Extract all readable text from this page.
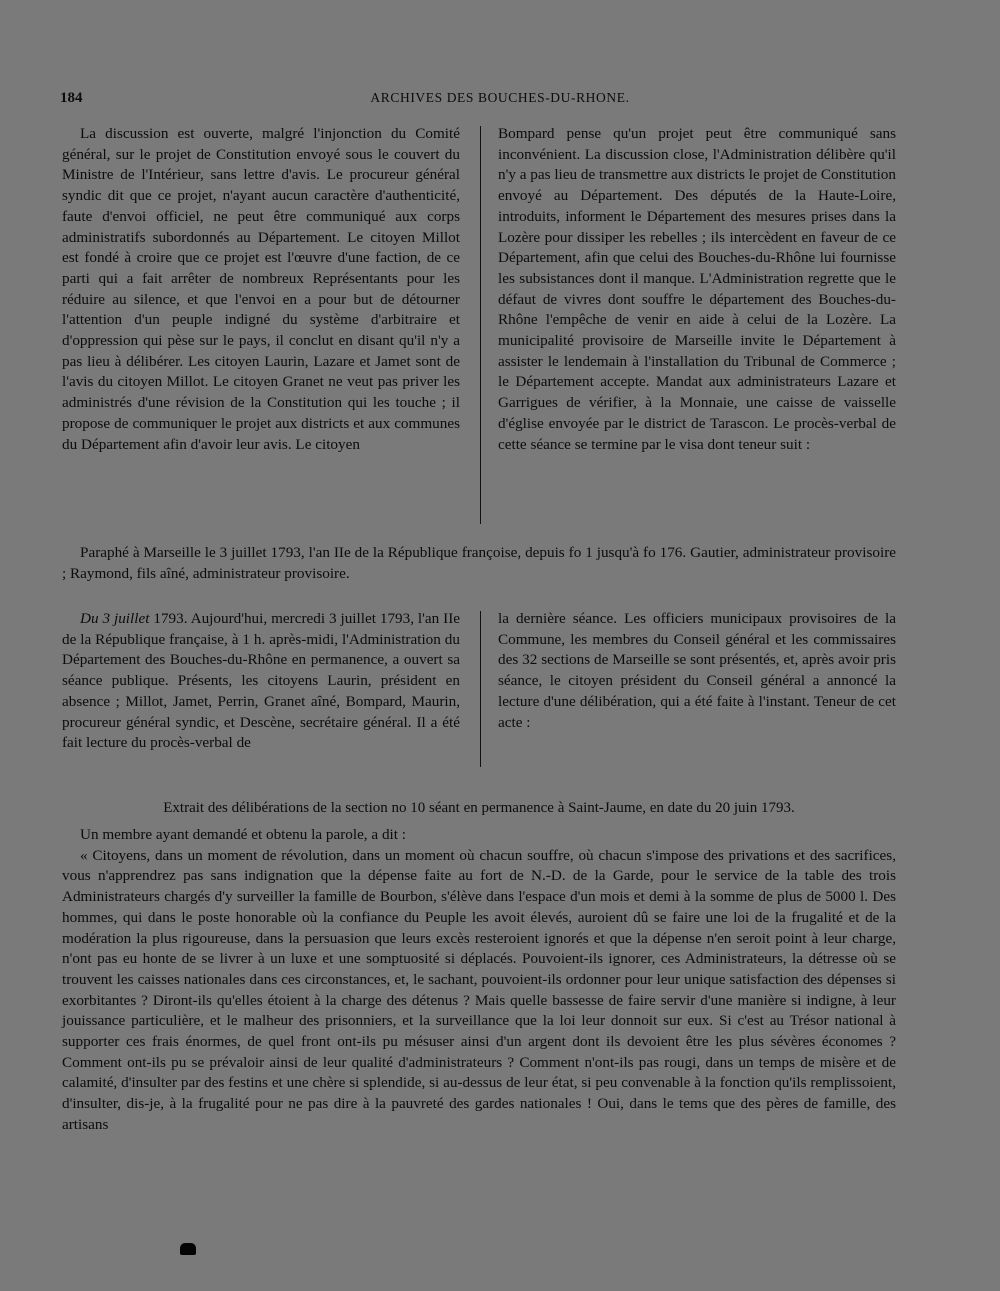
184	ARCHIVES DES BOUCHES-DU-RHONE.

La discussion est ouverte, malgré l'injonction du Comité général, sur le projet de Constitution envoyé sous le couvert du Ministre de l'Intérieur, sans lettre d'avis. Le procureur général syndic dit que ce projet, n'ayant aucun caractère d'authenticité, faute d'envoi officiel, ne peut être communiqué aux corps administratifs subordonnés au Département. Le citoyen Millot est fondé à croire que ce projet est l'œuvre d'une faction, de ce parti qui a fait arrêter de nombreux Représentants pour les réduire au silence, et que l'envoi en a pour but de détourner l'attention d'un peuple indigné du système d'arbitraire et d'oppression qui pèse sur le pays, il conclut en disant qu'il n'y a pas lieu à délibérer. Les citoyen Laurin, Lazare et Jamet sont de l'avis du citoyen Millot. Le citoyen Granet ne veut pas priver les administrés d'une révision de la Constitution qui les touche ; il propose de communiquer le projet aux districts et aux communes du Département afin d'avoir leur avis. Le citoyen

Bompard pense qu'un projet peut être communiqué sans inconvénient. La discussion close, l'Administration délibère qu'il n'y a pas lieu de transmettre aux districts le projet de Constitution envoyé au Département. Des députés de la Haute-Loire, introduits, informent le Département des mesures prises dans la Lozère pour dissiper les rebelles ; ils intercèdent en faveur de ce Département, afin que celui des Bouches-du-Rhône lui fournisse les subsistances dont il manque. L'Administration regrette que le défaut de vivres dont souffre le département des Bouches-du-Rhône l'empêche de venir en aide à celui de la Lozère. La municipalité provisoire de Marseille invite le Département à assister le lendemain à l'installation du Tribunal de Commerce ; le Département accepte. Mandat aux administrateurs Lazare et Garrigues de vérifier, à la Monnaie, une caisse de vaisselle d'église envoyée par le district de Tarascon. Le procès-verbal de cette séance se termine par le visa dont teneur suit :

Paraphé à Marseille le 3 juillet 1793, l'an IIe de la République françoise, depuis fo 1 jusqu'à fo 176. Gautier, administrateur provisoire ; Raymond, fils aîné, administrateur provisoire.

Du 3 juillet 1793. Aujourd'hui, mercredi 3 juillet 1793, l'an IIe de la République française, à 1 h. après-midi, l'Administration du Département des Bouches-du-Rhône en permanence, a ouvert sa séance publique. Présents, les citoyens Laurin, président en absence ; Millot, Jamet, Perrin, Granet aîné, Bompard, Maurin, procureur général syndic, et Descène, secrétaire général. Il a été fait lecture du procès-verbal de

la dernière séance. Les officiers municipaux provisoires de la Commune, les membres du Conseil général et les commissaires des 32 sections de Marseille se sont présentés, et, après avoir pris séance, le citoyen président du Conseil général a annoncé la lecture d'une délibération, qui a été faite à l'instant. Teneur de cet acte :

Extrait des délibérations de la section no 10 séant en permanence à Saint-Jaume, en date du 20 juin 1793.

Un membre ayant demandé et obtenu la parole, a dit :

« Citoyens, dans un moment de révolution, dans un moment où chacun souffre, où chacun s'impose des privations et des sacrifices, vous n'apprendrez pas sans indignation que la dépense faite au fort de N.-D. de la Garde, pour le service de la table des trois Administrateurs chargés d'y surveiller la famille de Bourbon, s'élève dans l'espace d'un mois et demi à la somme de plus de 5000 l. Des hommes, qui dans le poste honorable où la confiance du Peuple les avoit élevés, auroient dû se faire une loi de la frugalité et de la modération la plus rigoureuse, dans la persuasion que leurs excès resteroient ignorés et que la dépense n'en seroit point à leur charge, n'ont pas eu honte de se livrer à un luxe et une somptuosité si déplacés. Pouvoient-ils ignorer, ces Administrateurs, la détresse où se trouvent les caisses nationales dans ces circonstances, et, le sachant, pouvoient-ils ordonner pour leur unique satisfaction des dépenses si exorbitantes ? Diront-ils qu'elles étoient à la charge des détenus ? Mais quelle bassesse de faire servir d'une manière si indigne, à leur jouissance particulière, et le malheur des prisonniers, et la surveillance que la loi leur donnoit sur eux. Si c'est au Trésor national à supporter ces frais énormes, de quel front ont-ils pu mésuser ainsi d'un argent dont ils devoient être les plus sévères économes ? Comment ont-ils pu se prévaloir ainsi de leur qualité d'administrateurs ? Comment n'ont-ils pas rougi, dans un temps de misère et de calamité, d'insulter par des festins et une chère si splendide, si au-dessus de leur état, si peu convenable à la fonction qu'ils remplissoient, d'insulter, dis-je, à la frugalité pour ne pas dire à la pauvreté des gardes nationales ! Oui, dans le tems que des pères de famille, des artisans
